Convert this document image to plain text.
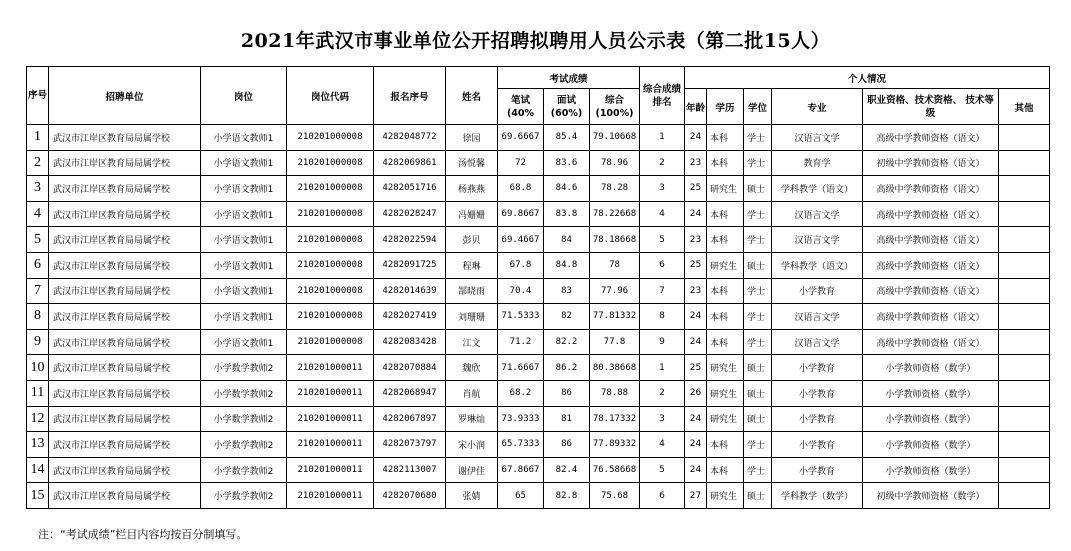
2021年武汉市事业单位公开招聘拟聘用人员公示表（第二批15人）
序号	招聘单位	岗位	岗位代码	报名序号	姓名	考试成绩			综合成绩排名	个人情况					
						笔试(40%	面试(60%)	综合(100%)		年龄	学历	学位	专业	职业资格、技术资格、 技术等级	其他
1	武汉市江岸区教育局局属学校	小学语文教师1	210201000008	4282048772	徐园	69.6667	85.4	79.10668	1	24	本科	学士	汉语言文学	高级中学教师资格（语文）	
2	武汉市江岸区教育局局属学校	小学语文教师1	210201000008	4282069861	汤悦馨	72	83.6	78.96	2	23	本科	学士	教育学	初级中学教师资格（语文）	
3	武汉市江岸区教育局局属学校	小学语文教师1	210201000008	4282051716	杨燕燕	68.8	84.6	78.28	3	25	研究生	硕士	学科教学（语文）	高级中学教师资格（语文）	
4	武汉市江岸区教育局局属学校	小学语文教师1	210201000008	4282028247	冯姗姗	69.8667	83.8	78.22668	4	24	本科	学士	汉语言文学	高级中学教师资格（语文）	
5	武汉市江岸区教育局局属学校	小学语文教师1	210201000008	4282022594	彭贝	69.4667	84	78.18668	5	23	本科	学士	汉语言文学	高级中学教师资格（语文）	
6	武汉市江岸区教育局局属学校	小学语文教师1	210201000008	4282091725	程琳	67.8	84.8	78	6	25	研究生	硕士	学科教学（语文）	高级中学教师资格（语文）	
7	武汉市江岸区教育局局属学校	小学语文教师1	210201000008	4282014639	郜晓雨	70.4	83	77.96	7	23	本科	学士	小学教育	高级中学教师资格（语文）	
8	武汉市江岸区教育局局属学校	小学语文教师1	210201000008	4282027419	刘珊珊	71.5333	82	77.81332	8	24	本科	学士	汉语言文学	高级中学教师资格（语文）	
9	武汉市江岸区教育局局属学校	小学语文教师1	210201000008	4282083428	江文	71.2	82.2	77.8	9	24	本科	学士	汉语言文学	高级中学教师资格（语文）	
10	武汉市江岸区教育局局属学校	小学数学教师2	210201000011	4282070884	魏欣	71.6667	86.2	80.38668	1	25	研究生	硕士	小学教育	小学教师资格（数学）	
11	武汉市江岸区教育局局属学校	小学数学教师2	210201000011	4282068947	肖航	68.2	86	78.88	2	26	研究生	硕士	小学教育	小学教师资格（数学）	
12	武汉市江岸区教育局局属学校	小学数学教师2	210201000011	4282067897	罗琳灿	73.9333	81	78.17332	3	24	研究生	硕士	小学教育	小学教师资格（数学）	
13	武汉市江岸区教育局局属学校	小学数学教师2	210201000011	4282073797	宋小润	65.7333	86	77.89332	4	24	本科	学士	小学教育	小学教师资格（数学）	
14	武汉市江岸区教育局局属学校	小学数学教师2	210201000011	4282113007	谢伊佳	67.8667	82.4	76.58668	5	24	本科	学士	小学教育	小学教师资格（数学）	
15	武汉市江岸区教育局局属学校	小学数学教师2	210201000011	4282070680	张婧	65	82.8	75.68	6	27	研究生	硕士	学科教学（数学）	初级中学教师资格（数学）	
注：“考试成绩”栏目内容均按百分制填写。
